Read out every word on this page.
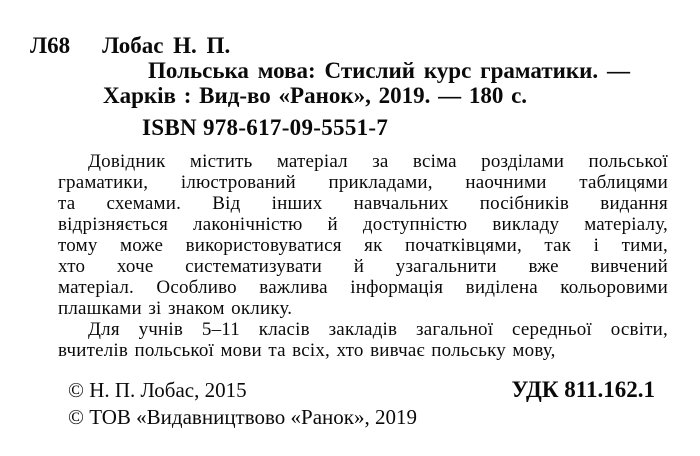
Л68 Лобас Н. П.
Польська мова: Стислий курс граматики. —
Харків : Вид-во «Ранок», 2019. — 180 с.
ISBN 978-617-09-5551-7
Довідник містить матеріал за всіма розділами польської
граматики, ілюстрований прикладами, наочними таблицями
та схемами. Від інших навчальних посібників видання
відрізняється лаконічністю й доступністю викладу матеріалу,
тому може використовуватися як початківцями, так і тими,
хто хоче систематизувати й узагальнити вже вивчений
матеріал. Особливо важлива інформація виділена кольоровими
плашками зі знаком оклику.
Для учнів 5–11 класів закладів загальної середньої освіти,
вчителів польської мови та всіх, хто вивчає польську мову,
© Н. П. Лобас, 2015
© ТОВ «Видавництвово «Ранок», 2019
УДК 811.162.1
